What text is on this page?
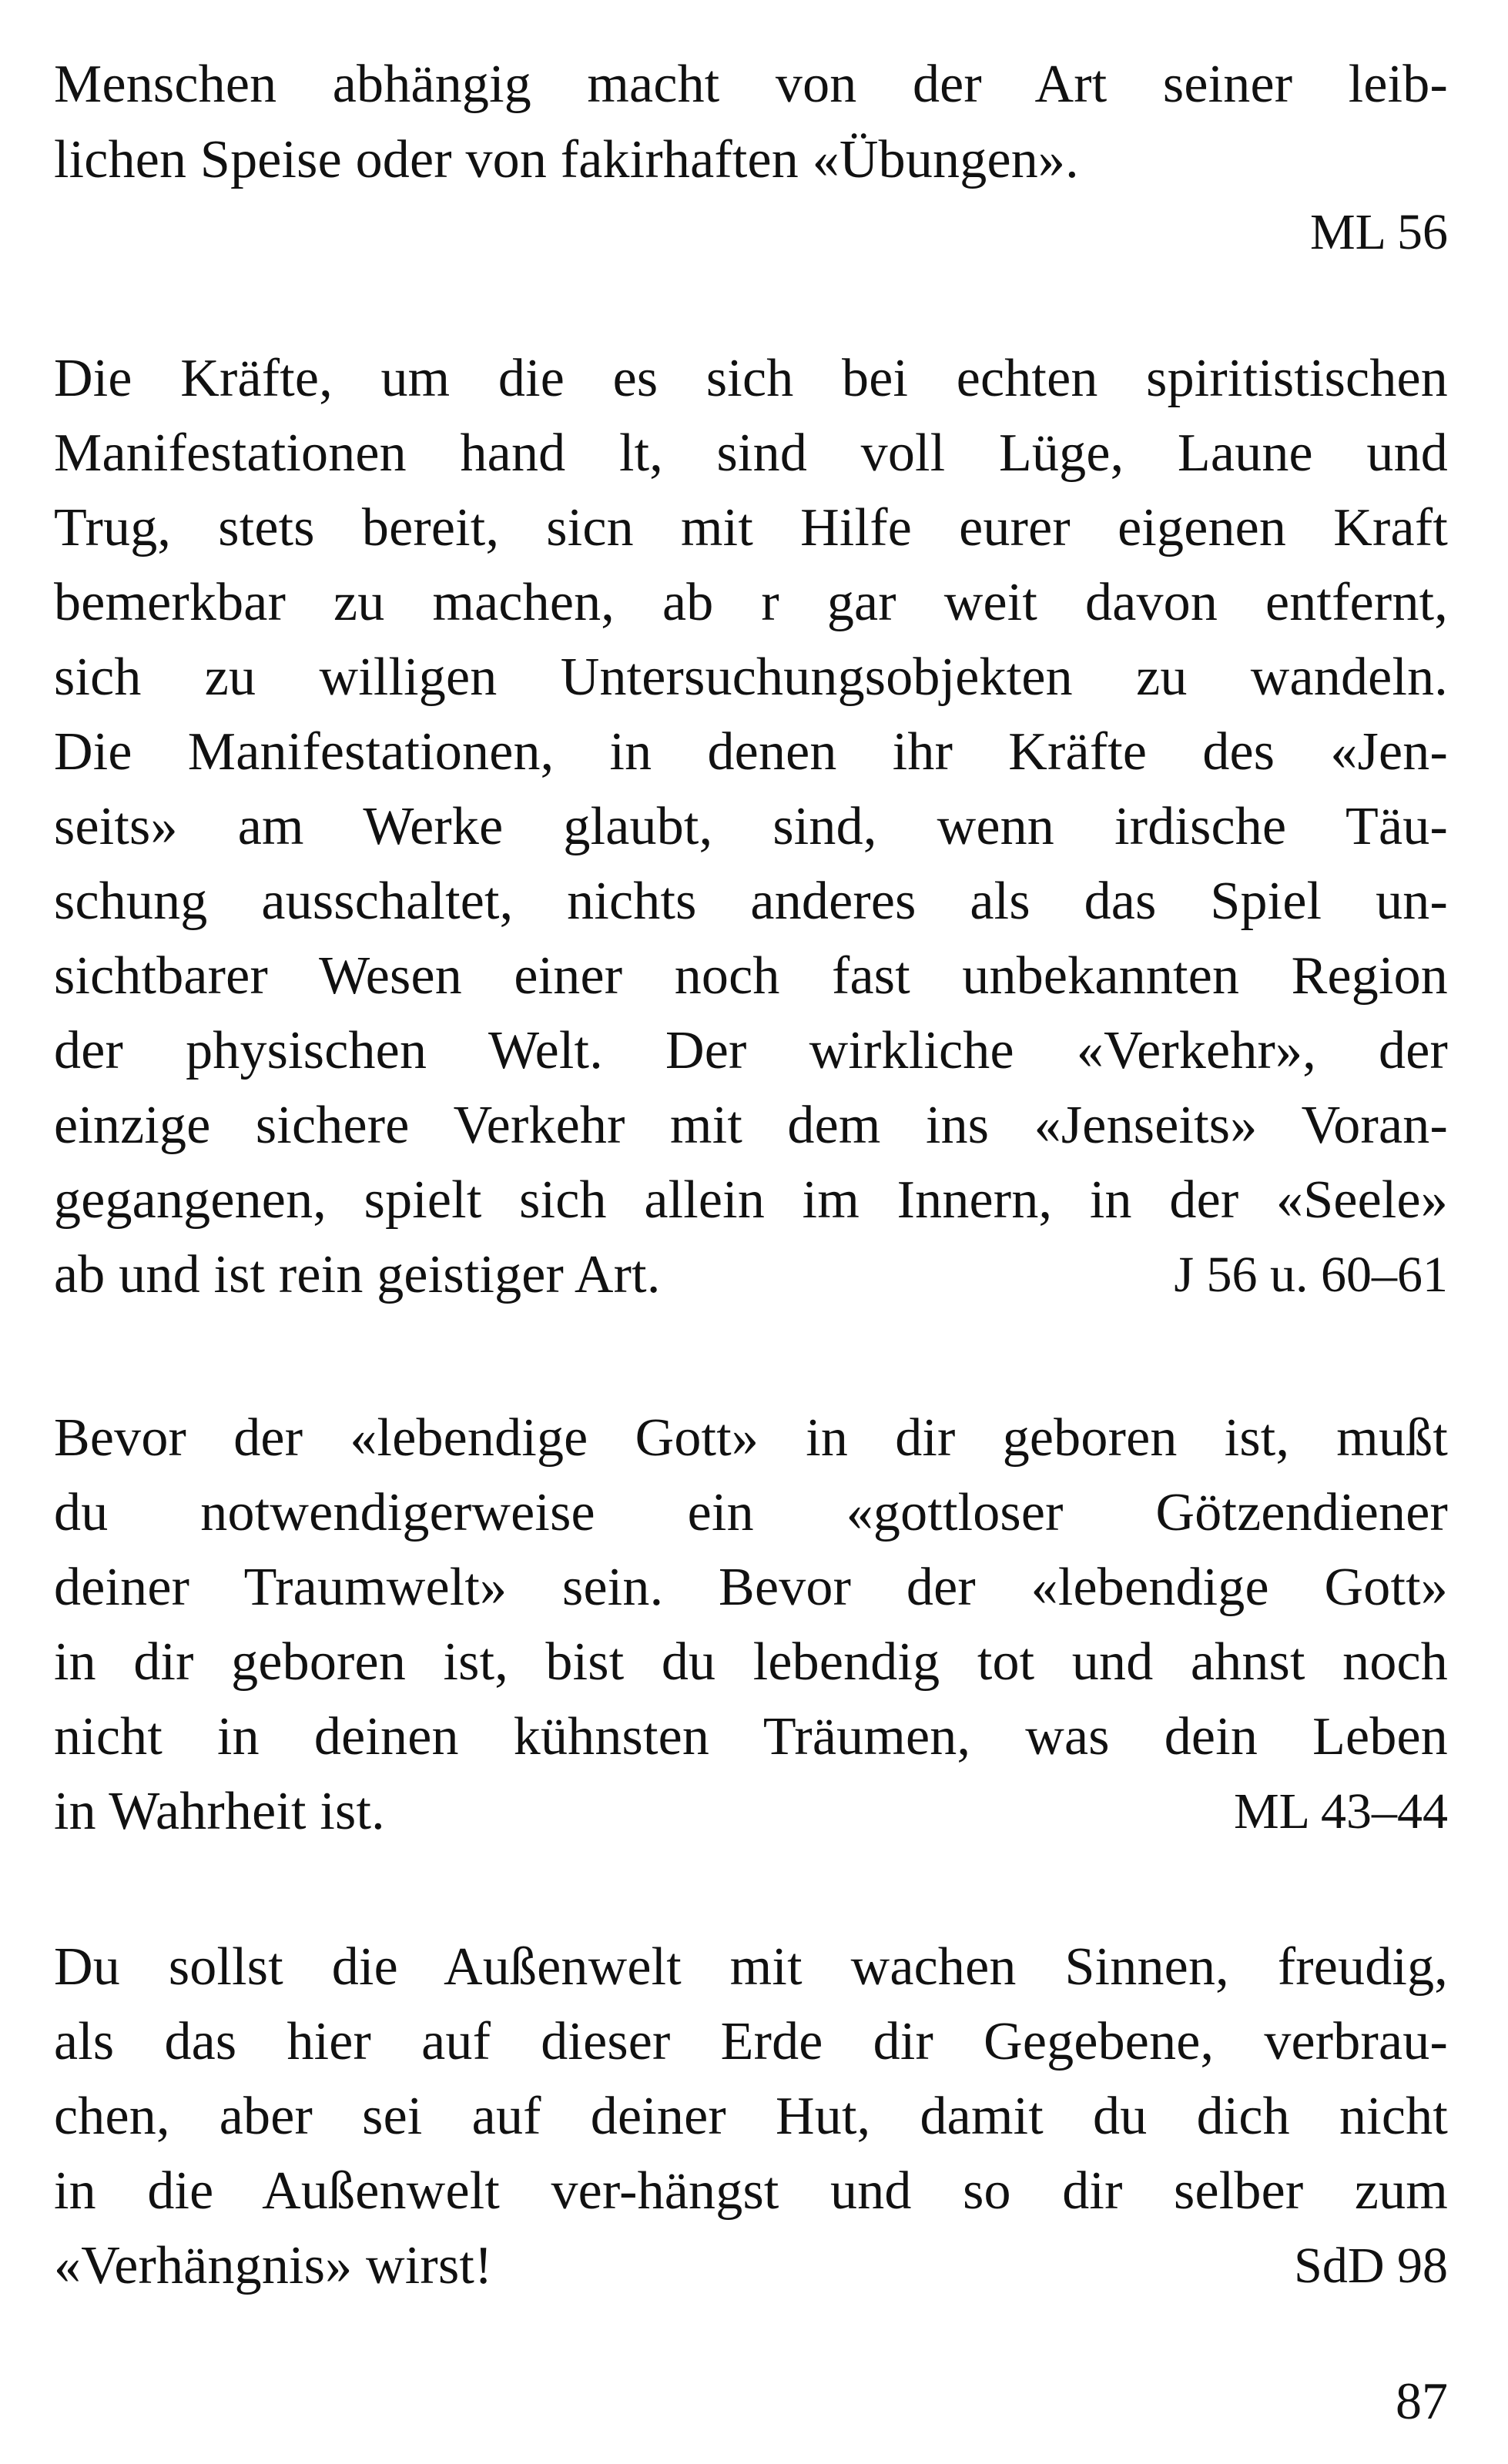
Menschen abhängig macht von der Art seiner leib-
lichen Speise oder von fakirhaften «Übungen».
ML 56
Die Kräfte, um die es sich bei echten spiritistischen
Manifestationen hand lt, sind voll Lüge, Laune und
Trug, stets bereit, sicn mit Hilfe eurer eigenen Kraft
bemerkbar zu machen, ab r gar weit davon entfernt,
sich zu willigen Untersuchungsobjekten zu wandeln.
Die Manifestationen, in denen ihr Kräfte des «Jen-
seits» am Werke glaubt, sind, wenn irdische Täu-
schung ausschaltet, nichts anderes als das Spiel un-
sichtbarer Wesen einer noch fast unbekannten Region
der physischen Welt. Der wirkliche «Verkehr», der
einzige sichere Verkehr mit dem ins «Jenseits» Voran-
gegangenen, spielt sich allein im Innern, in der «Seele»
ab und ist rein geistiger Art.	J 56 u. 60–61
Bevor der «lebendige Gott» in dir geboren ist, mußt
du notwendigerweise ein «gottloser Götzendiener
deiner Traumwelt» sein. Bevor der «lebendige Gott»
in dir geboren ist, bist du lebendig tot und ahnst noch
nicht in deinen kühnsten Träumen, was dein Leben
in Wahrheit ist.	ML 43–44
Du sollst die Außenwelt mit wachen Sinnen, freudig,
als das hier auf dieser Erde dir Gegebene, verbrau-
chen, aber sei auf deiner Hut, damit du dich nicht
in die Außenwelt ver-hängst und so dir selber zum
«Verhängnis» wirst!	SdD 98
87
